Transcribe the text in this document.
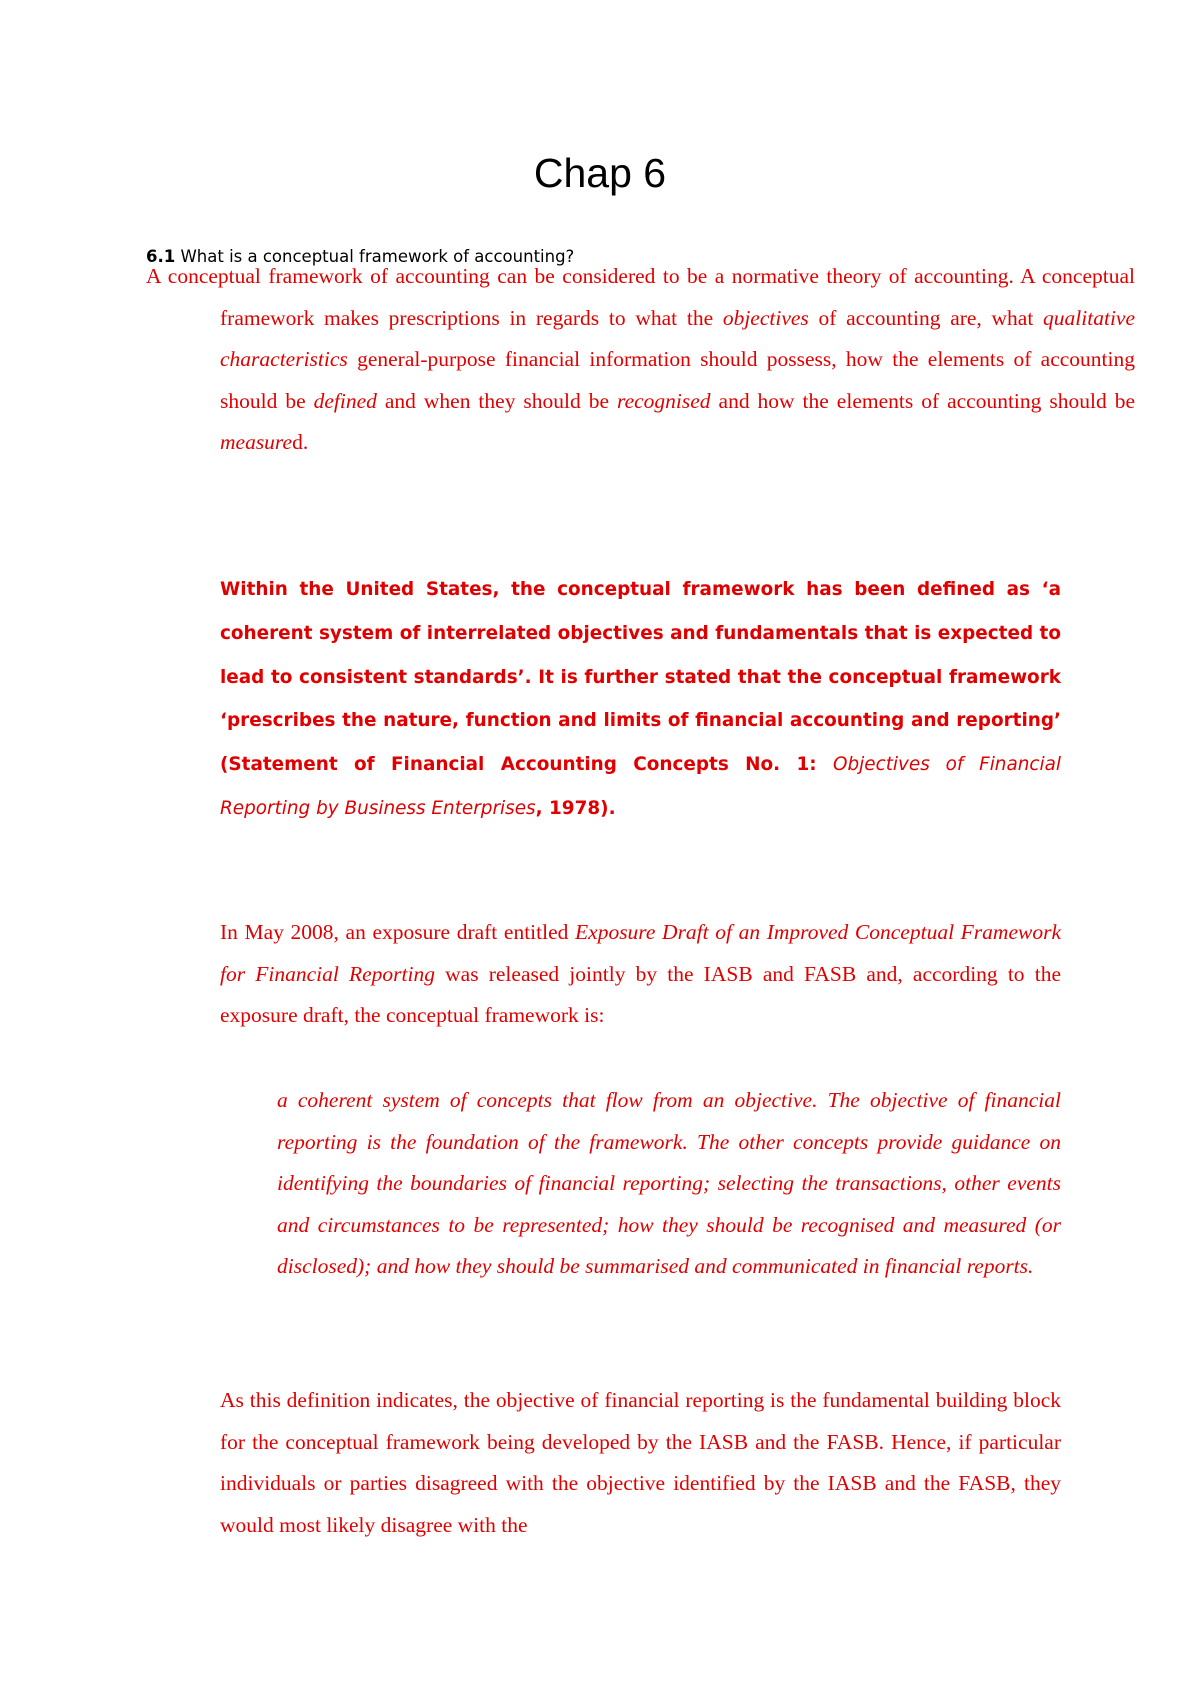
Chap 6

6.1 What is a conceptual framework of accounting?

A conceptual framework of accounting can be considered to be a normative theory of accounting. A conceptual framework makes prescriptions in regards to what the objectives of accounting are, what qualitative characteristics general-purpose financial information should possess, how the elements of accounting should be defined and when they should be recognised and how the elements of accounting should be measured.

Within the United States, the conceptual framework has been defined as ‘a coherent system of interrelated objectives and fundamentals that is expected to lead to consistent standards’. It is further stated that the conceptual framework ‘prescribes the nature, function and limits of financial accounting and reporting’ (Statement of Financial Accounting Concepts No. 1: Objectives of Financial Reporting by Business Enterprises, 1978).

In May 2008, an exposure draft entitled Exposure Draft of an Improved Conceptual Framework for Financial Reporting was released jointly by the IASB and FASB and, according to the exposure draft, the conceptual framework is:

a coherent system of concepts that flow from an objective. The objective of financial reporting is the foundation of the framework. The other concepts provide guidance on identifying the boundaries of financial reporting; selecting the transactions, other events and circumstances to be represented; how they should be recognised and measured (or disclosed); and how they should be summarised and communicated in financial reports.

As this definition indicates, the objective of financial reporting is the fundamental building block for the conceptual framework being developed by the IASB and the FASB. Hence, if particular individuals or parties disagreed with the objective identified by the IASB and the FASB, they would most likely disagree with the
